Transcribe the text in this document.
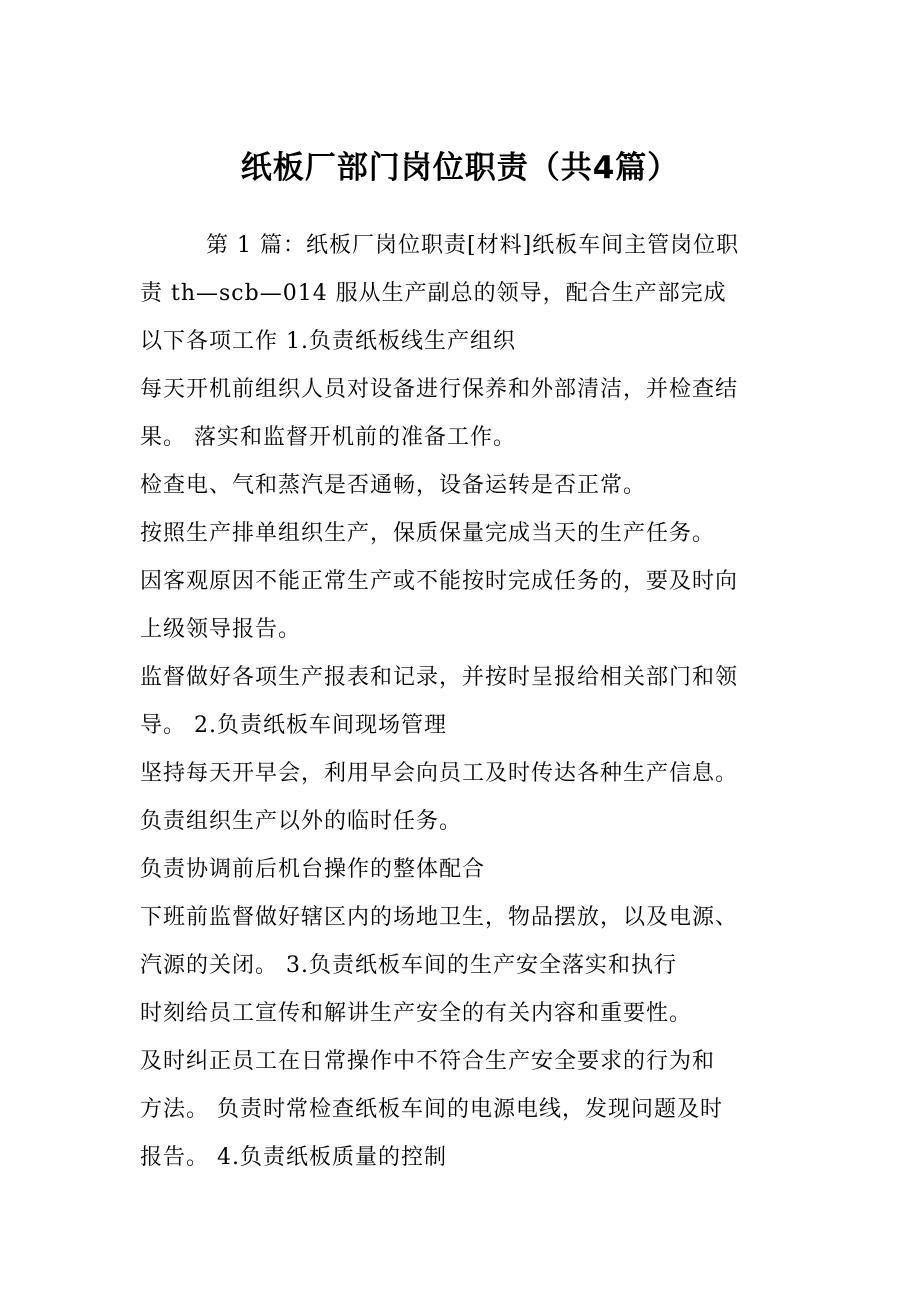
纸板厂部门岗位职责（共4篇）
第 1 篇：纸板厂岗位职责[材料]纸板车间主管岗位职
责 th—scb—014 服从生产副总的领导，配合生产部完成
以下各项工作 1.负责纸板线生产组织
每天开机前组织人员对设备进行保养和外部清洁，并检查结
果。 落实和监督开机前的准备工作。
检查电、气和蒸汽是否通畅，设备运转是否正常。
按照生产排单组织生产，保质保量完成当天的生产任务。
因客观原因不能正常生产或不能按时完成任务的，要及时向
上级领导报告。
监督做好各项生产报表和记录，并按时呈报给相关部门和领
导。 2.负责纸板车间现场管理
坚持每天开早会，利用早会向员工及时传达各种生产信息。
负责组织生产以外的临时任务。
负责协调前后机台操作的整体配合
下班前监督做好辖区内的场地卫生，物品摆放，以及电源、
汽源的关闭。 3.负责纸板车间的生产安全落实和执行
时刻给员工宣传和解讲生产安全的有关内容和重要性。
及时纠正员工在日常操作中不符合生产安全要求的行为和
方法。 负责时常检查纸板车间的电源电线，发现问题及时
报告。 4.负责纸板质量的控制
